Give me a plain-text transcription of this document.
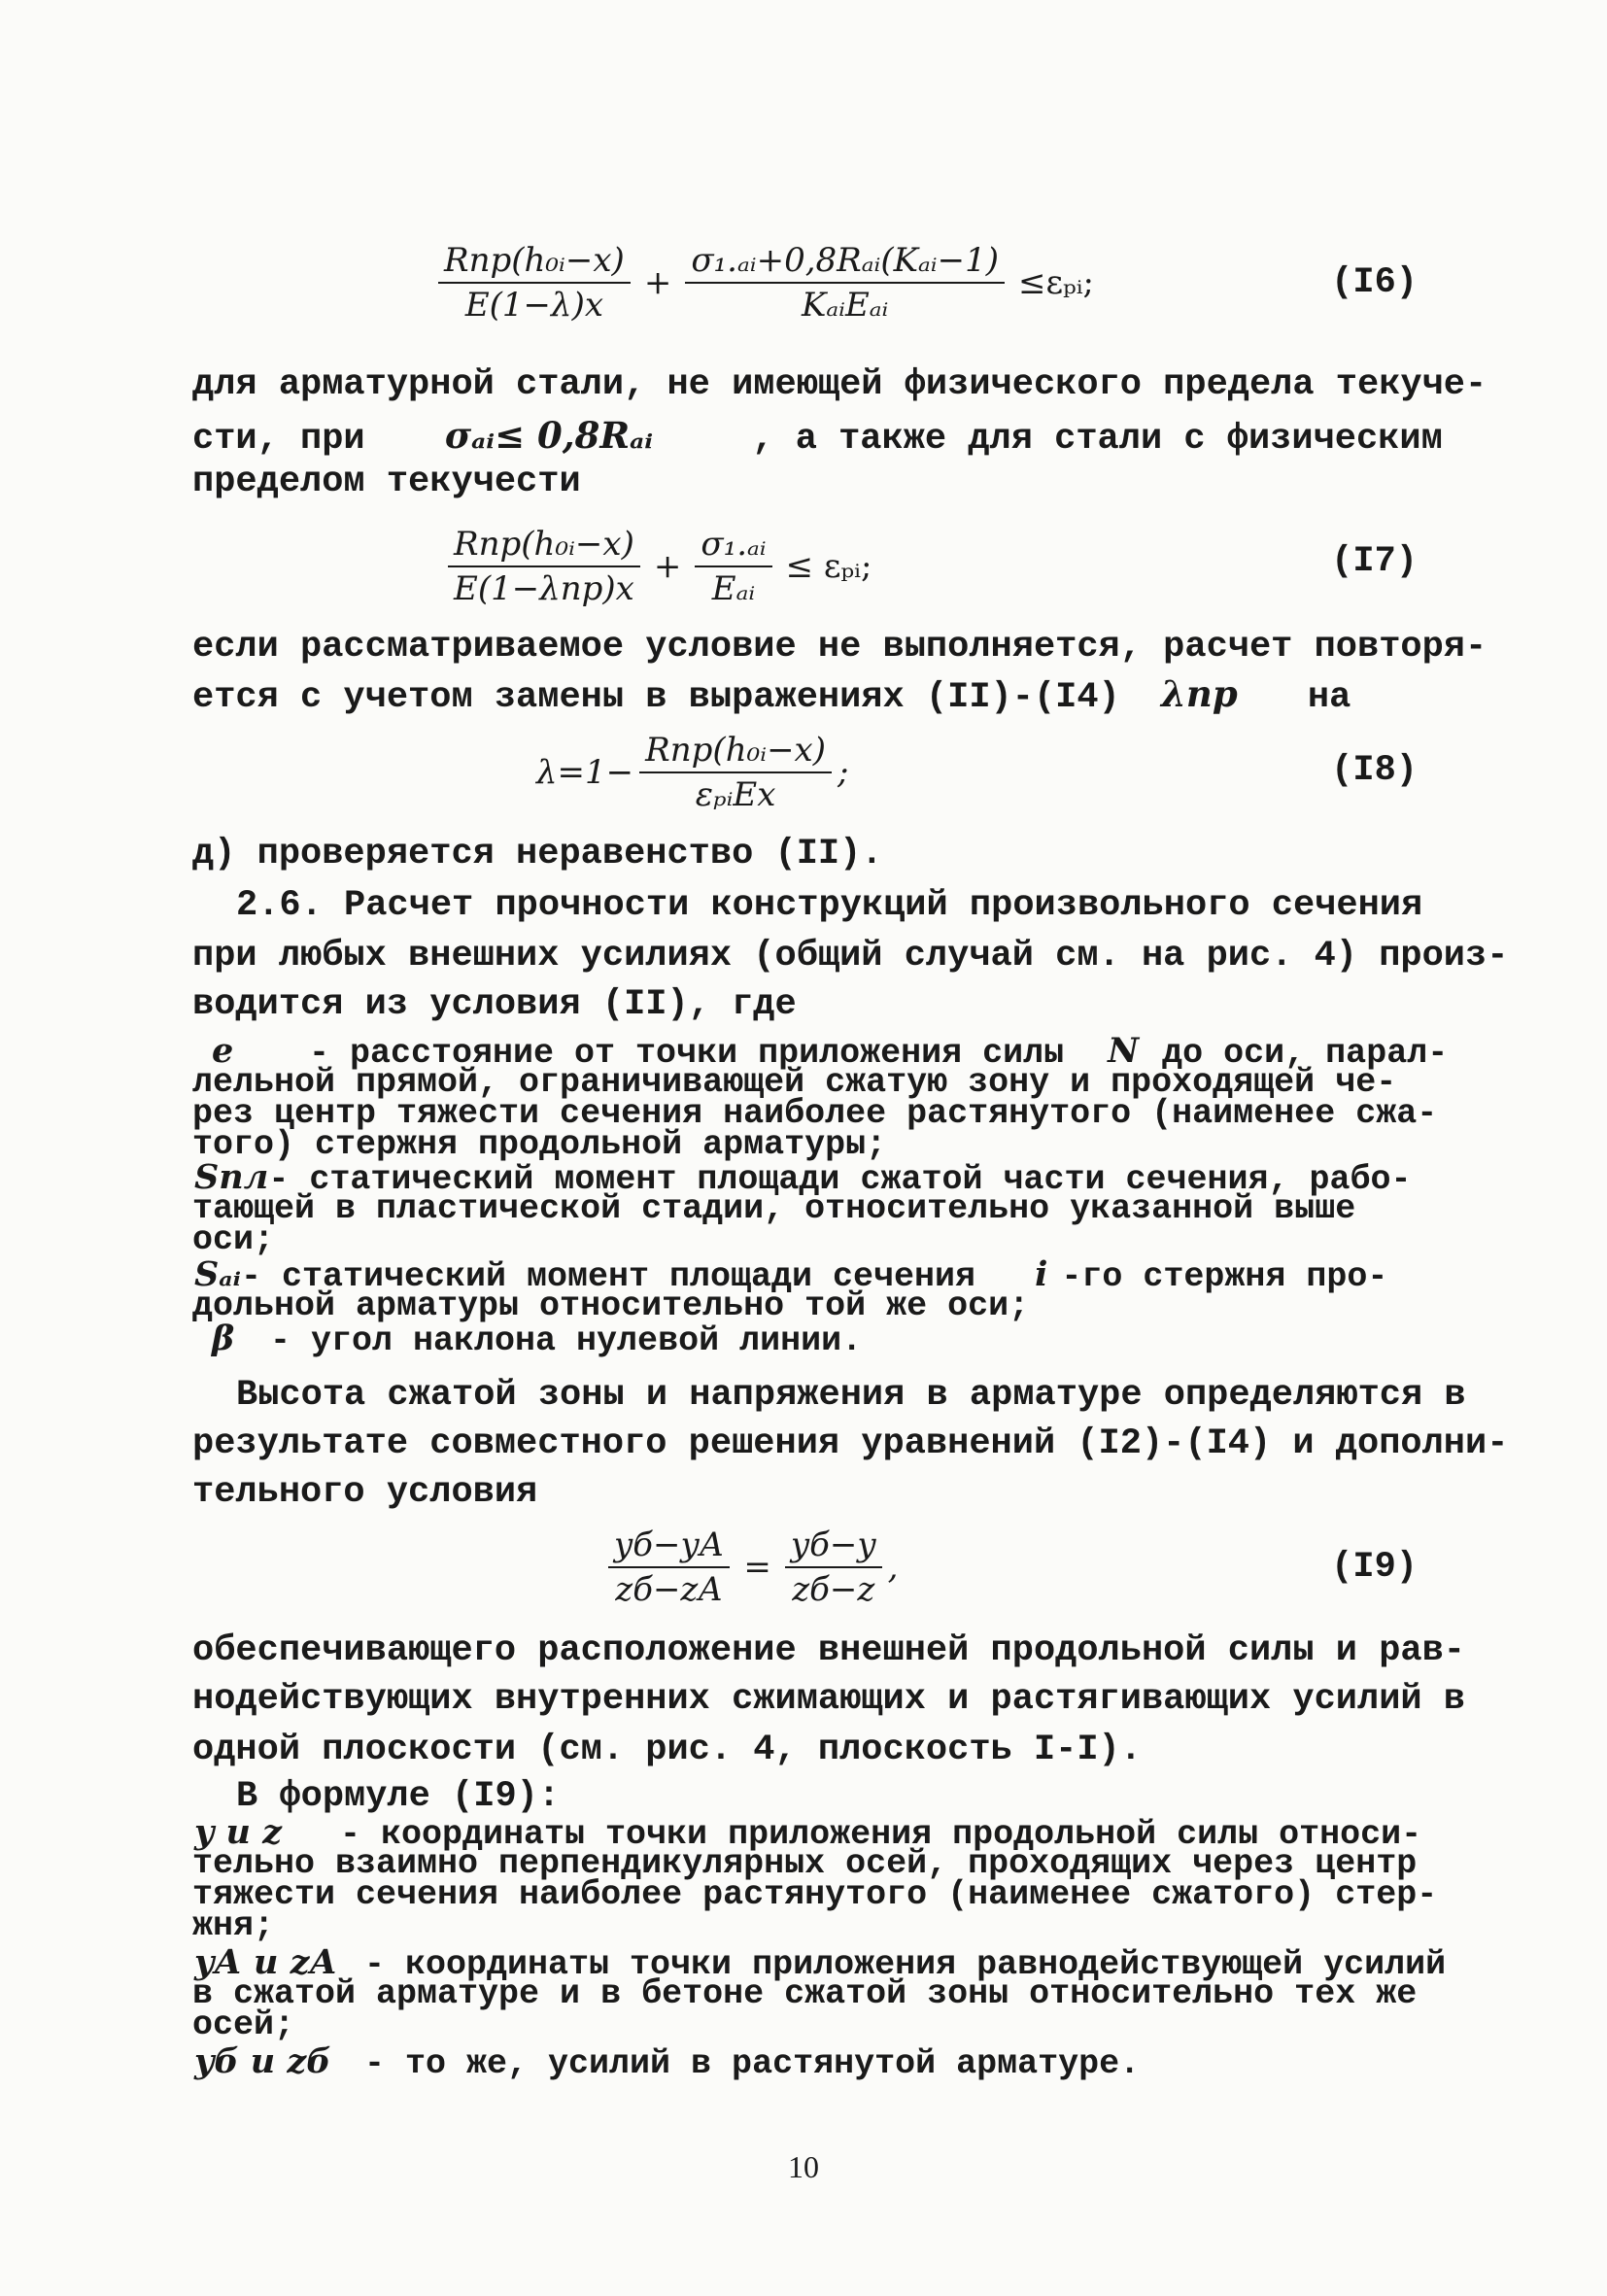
$\frac{\text{Rпр(h₀ᵢ−x)}}{E(1-\lambda)x} + \frac{\text{σ₁.ₐᵢ+0,8Rₐᵢ(Kₐᵢ−1)}}{\text{KₐᵢEₐᵢ}}$ ≤εₚᵢ;	(I6)
для арматурной стали, не имеющей физического предела текуче-
сти, при σₐᵢ≤ 0,8Rₐᵢ	, а также для стали с физическим
пределом текучести
$\frac{\text{Rпр(h₀ᵢ−x)}}{\text{E(1−λпр)x}} + \frac{\text{σ₁.ₐᵢ}}{\text{Eₐᵢ}}$ ≤ εₚᵢ;	(I7)
если рассматриваемое условие не выполняется, расчет повторя-
ется с учетом замены в выражениях (II)-(I4) λпр на
$\lambda=1- \frac{\text{Rпр(h₀ᵢ−x)}}{\text{εₚᵢEx}}$ ;	(I8)
д) проверяется неравенство (II).
2.6. Расчет прочности конструкций произвольного сечения
при любых внешних усилиях (общий случай см. на рис. 4) произ-
водится из условия (II), где
e - расстояние от точки приложения силы N до оси, парал-
лельной прямой, ограничивающей сжатую зону и проходящей че-
рез центр тяжести сечения наиболее растянутого (наименее сжа-
того) стержня продольной арматуры;
Sпл- статический момент площади сжатой части сечения, рабо-
тающей в пластической стадии, относительно указанной выше
оси;
Sₐᵢ- статический момент площади сечения i -го стержня про-
дольной арматуры относительно той же оси;
β - угол наклона нулевой линии.
Высота сжатой зоны и напряжения в арматуре определяются в
результате совместного решения уравнений (I2)-(I4) и дополни-
тельного условия
$\frac{yб-yА}{zб-zА} = \frac{yб-y}{zб-z}$ ,	(I9)
обеспечивающего расположение внешней продольной силы и рав-
нодействующих внутренних сжимающих и растягивающих усилий в
одной плоскости (см. рис. 4, плоскость I-I).
В формуле (I9):
y и z - координаты точки приложения продольной силы относи-
тельно взаимно перпендикулярных осей, проходящих через центр
тяжести сечения наиболее растянутого (наименее сжатого) стер-
жня;
yА и zА - координаты точки приложения равнодействующей усилий
в сжатой арматуре и в бетоне сжатой зоны относительно тех же
осей;
yб и zб - то же, усилий в растянутой арматуре.
10
